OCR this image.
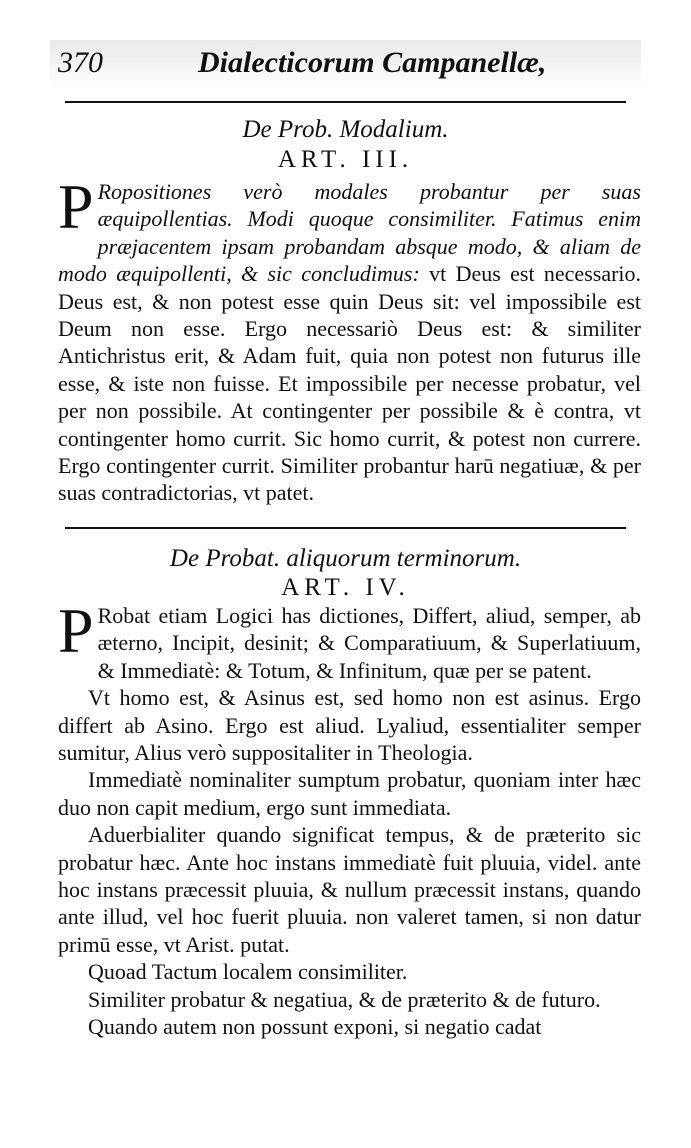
370	Dialecticorum Campanellæ,
De Prob. Modalium.
ART. III.
P Ropositiones verò modales probantur per suas æquipollentias. Modi quoque consimiliter. Fatimus enim præjacentem ipsam probandam absque modo, & aliam de modo æquipollenti, & sic concludimus: vt Deus est necessario. Deus est, & non potest esse quin Deus sit: vel impossibile est Deum non esse. Ergo necessariò Deus est: & similiter Antichristus erit, & Adam fuit, quia non potest non futurus ille esse, & iste non fuisse. Et impossibile per necesse probatur, vel per non possibile. At contingenter per possibile & è contra, vt contingenter homo currit. Sic homo currit, & potest non currere. Ergo contingenter currit. Similiter probantur harū negatiuæ, & per suas contradictorias, vt patet.
De Probat. aliquorum terminorum.
ART. IV.

P Robat etiam Logici has dictiones, Differt, aliud, semper, ab æterno, Incipit, desinit; & Comparatiuum, & Superlatiuum, & Immediatè: & Totum, & Infinitum, quæ per se patent.

Vt homo est, & Asinus est, sed homo non est asinus. Ergo differt ab Asino. Ergo est aliud. Lyaliud, essentialiter semper sumitur, Alius verò suppositaliter in Theologia.

Immediatè nominaliter sumptum probatur, quoniam inter hæc duo non capit medium, ergo sunt immediata.

Aduerbialiter quando significat tempus, & de præterito sic probatur hæc. Ante hoc instans immediatè fuit pluuia, videl. ante hoc instans præcessit pluuia, & nullum præcessit instans, quando ante illud, vel hoc fuerit pluuia. non valeret tamen, si non datur primū esse, vt Arist. putat.

Quoad Tactum localem consimiliter.

Similiter probatur & negatiua, & de præterito & de futuro.

Quando autem non possunt exponi, si negatio cadat
